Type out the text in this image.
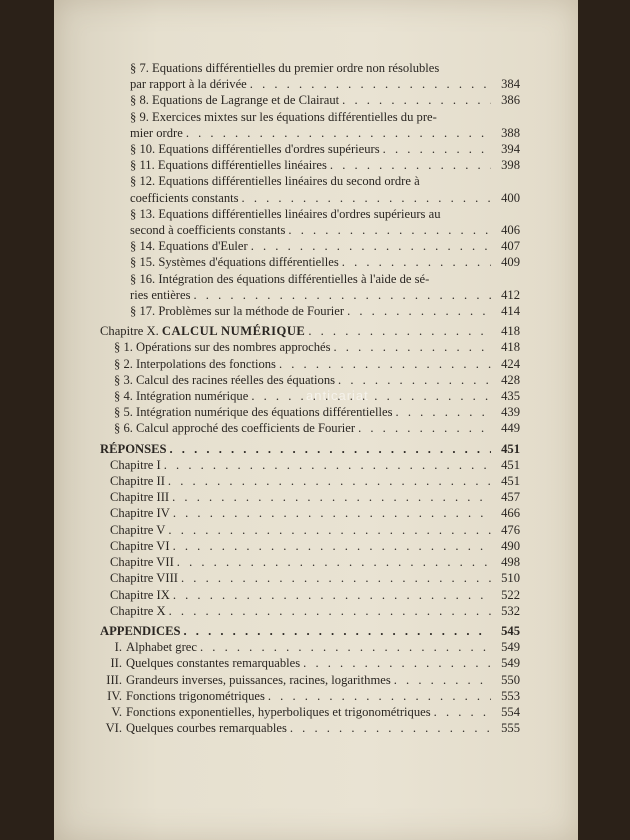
§ 7. Equations différentielles du premier ordre non résolubles
par rapport à la dérivée . . .	384
§ 8. Equations de Lagrange et de Clairaut . . .	386
§ 9. Exercices mixtes sur les équations différentielles du pre-
mier ordre . . .	388
§ 10. Equations différentielles d'ordres supérieurs . . .	394
§ 11. Equations différentielles linéaires . . .	398
§ 12. Equations différentielles linéaires du second ordre à
coefficients constants . . .	400
§ 13. Equations différentielles linéaires d'ordres supérieurs au
second à coefficients constants . . .	406
§ 14. Equations d'Euler . . .	407
§ 15. Systèmes d'équations différentielles . . .	409
§ 16. Intégration des équations différentielles à l'aide de sé-
ries entières . . .	412
§ 17. Problèmes sur la méthode de Fourier . . .	414
Chapitre X. CALCUL NUMÉRIQUE . . .	418
§ 1. Opérations sur des nombres approchés . . .	418
§ 2. Interpolations des fonctions . . .	424
§ 3. Calcul des racines réelles des équations . . .	428
§ 4. Intégration numérique . . .	435
§ 5. Intégration numérique des équations différentielles . . .	439
§ 6. Calcul approché des coefficients de Fourier . . .	449
RÉPONSES . . .	451
Chapitre I . . .	451
Chapitre II . . .	451
Chapitre III . . .	457
Chapitre IV . . .	466
Chapitre V . . .	476
Chapitre VI . . .	490
Chapitre VII . . .	498
Chapitre VIII . . .	510
Chapitre IX . . .	522
Chapitre X . . .	532
APPENDICES . . .	545
I. Alphabet grec . . .	549
II. Quelques constantes remarquables . . .	549
III. Grandeurs inverses, puissances, racines, logarithmes . . .	550
IV. Fonctions trigonométriques . . .	553
V. Fonctions exponentielles, hyperboliques et trigonométriques . . .	554
VI. Quelques courbes remarquables . . .	555
anticariat
